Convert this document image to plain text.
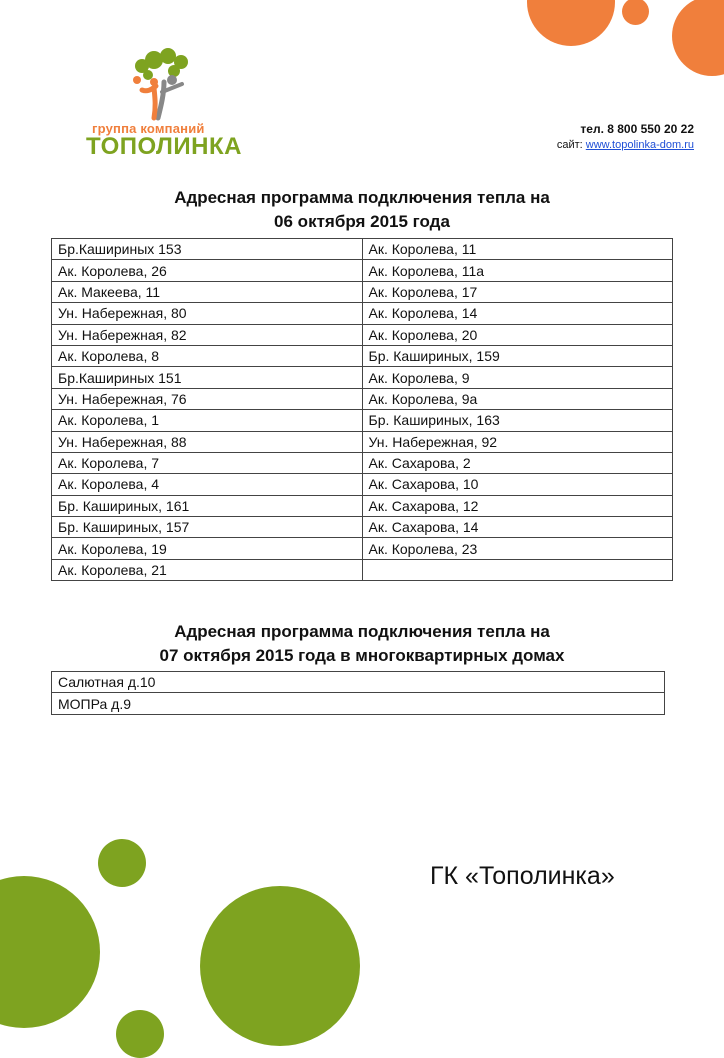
группа компаний
ТОПОЛИНКА
тел. 8 800 550 20 22
сайт: www.topolinka-dom.ru
Адресная программа подключения тепла на
06 октября 2015 года
Бр.Кашириных 153	Ак. Королева, 11
Ак. Королева, 26	Ак. Королева, 11а
Ак. Макеева, 11	Ак. Королева, 17
Ун. Набережная, 80	Ак. Королева, 14
Ун. Набережная, 82	Ак. Королева, 20
Ак. Королева, 8	Бр. Кашириных, 159
Бр.Кашириных 151	Ак. Королева, 9
Ун. Набережная, 76	Ак. Королева, 9а
Ак. Королева, 1	Бр. Кашириных, 163
Ун. Набережная, 88	Ун. Набережная, 92
Ак. Королева, 7	Ак. Сахарова, 2
Ак. Королева, 4	Ак. Сахарова, 10
Бр. Кашириных, 161	Ак. Сахарова, 12
Бр. Кашириных, 157	Ак. Сахарова, 14
Ак. Королева, 19	Ак. Королева, 23
Ак. Королева, 21	
Адресная программа подключения тепла на
07 октября 2015 года в многоквартирных домах
Салютная д.10
МОПРа д.9
ГК «Тополинка»
